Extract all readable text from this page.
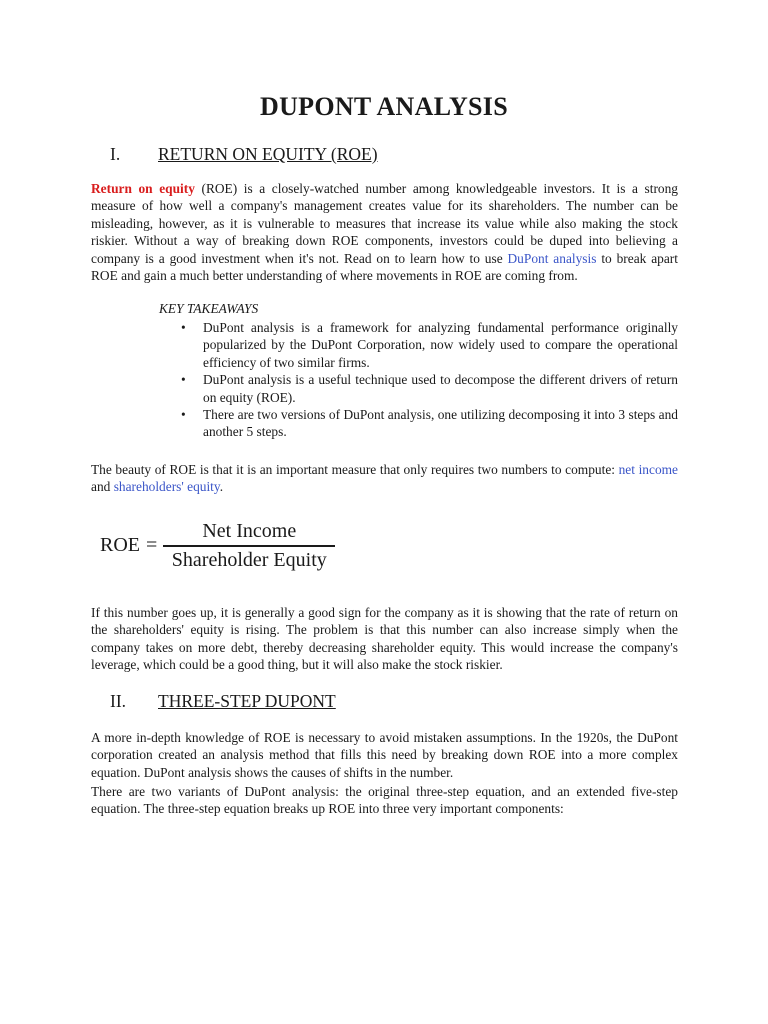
DUPONT ANALYSIS
I. RETURN ON EQUITY (ROE)

Return on equity (ROE) is a closely-watched number among knowledgeable investors. It is a strong measure of how well a company's management creates value for its shareholders. The number can be misleading, however, as it is vulnerable to measures that increase its value while also making the stock riskier. Without a way of breaking down ROE components, investors could be duped into believing a company is a good investment when it's not. Read on to learn how to use DuPont analysis to break apart ROE and gain a much better understanding of where movements in ROE are coming from.

KEY TAKEAWAYS
• DuPont analysis is a framework for analyzing fundamental performance originally popularized by the DuPont Corporation, now widely used to compare the operational efficiency of two similar firms.
• DuPont analysis is a useful technique used to decompose the different drivers of return on equity (ROE).
• There are two versions of DuPont analysis, one utilizing decomposing it into 3 steps and another 5 steps.

The beauty of ROE is that it is an important measure that only requires two numbers to compute: net income and shareholders' equity.

ROE = $\frac{\text{Net Income}}{\text{Shareholder Equity}}$

If this number goes up, it is generally a good sign for the company as it is showing that the rate of return on the shareholders' equity is rising. The problem is that this number can also increase simply when the company takes on more debt, thereby decreasing shareholder equity. This would increase the company's leverage, which could be a good thing, but it will also make the stock riskier.

II. THREE-STEP DUPONT

A more in-depth knowledge of ROE is necessary to avoid mistaken assumptions. In the 1920s, the DuPont corporation created an analysis method that fills this need by breaking down ROE into a more complex equation. DuPont analysis shows the causes of shifts in the number.

There are two variants of DuPont analysis: the original three-step equation, and an extended five-step equation. The three-step equation breaks up ROE into three very important components:
